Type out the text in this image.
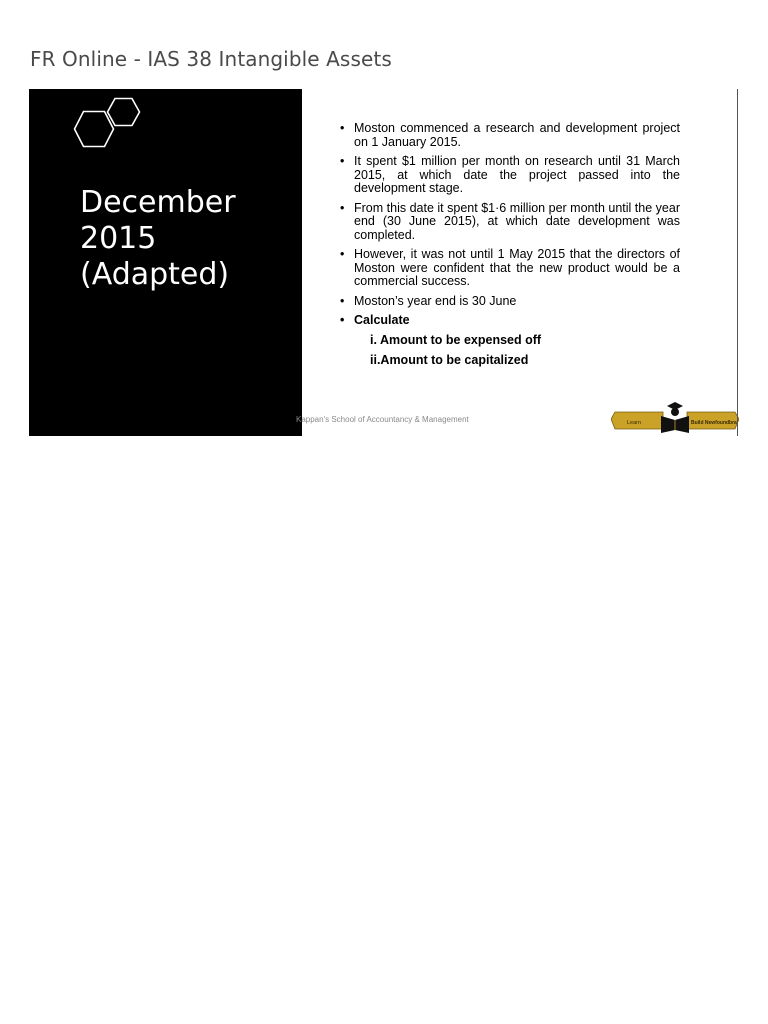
FR Online - IAS 38 Intangible Assets
December
2015
(Adapted)
• Moston commenced a research and development project on 1 January 2015.
• It spent $1 million per month on research until 31 March 2015, at which date the project passed into the development stage.
• From this date it spent $1·6 million per month until the year end (30 June 2015), at which date development was completed.
• However, it was not until 1 May 2015 that the directors of Moston were confident that the new product would be a commercial success.
• Moston’s year end is 30 June
• Calculate
i. Amount to be expensed off
ii.Amount to be capitalized
Kappan's School of Accountancy & Management	Learn	Build Newfoundbra
